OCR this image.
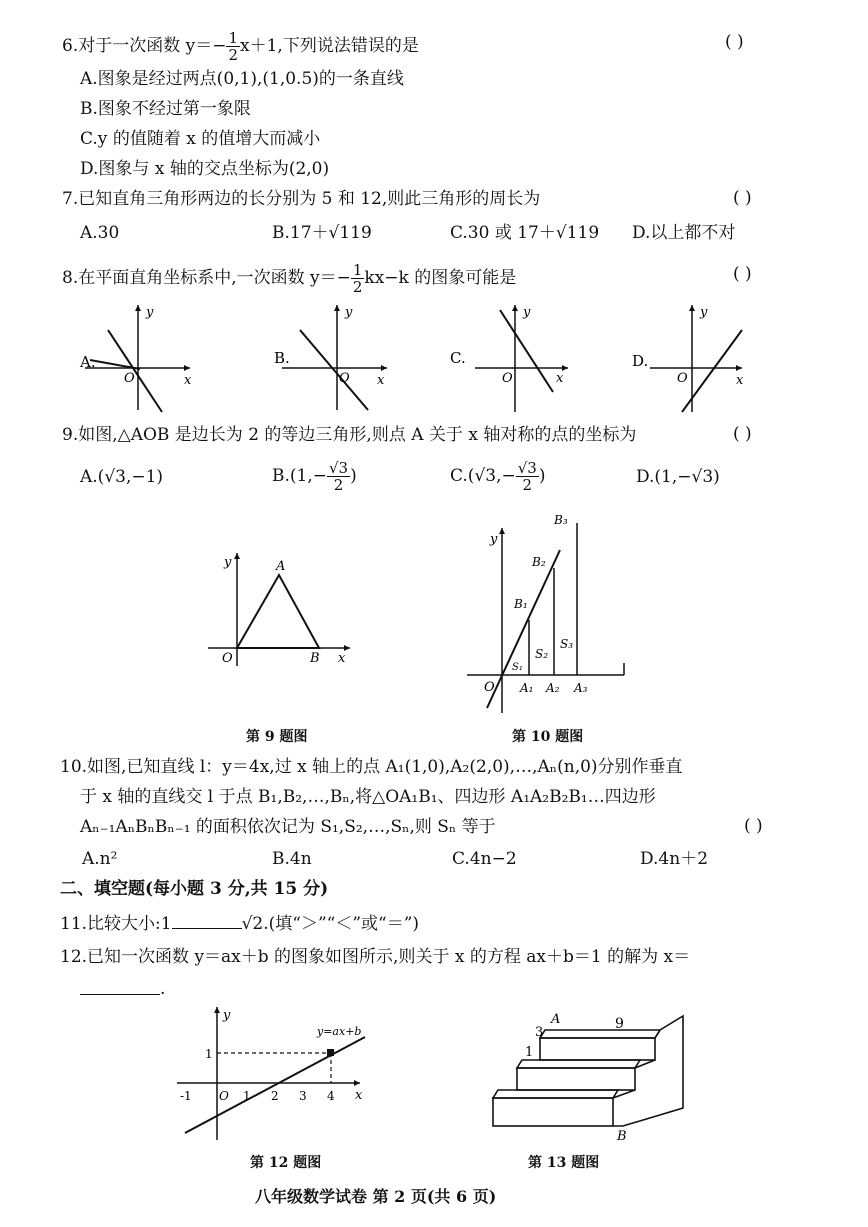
6.对于一次函数 $y=- \frac{1}{2} x+1$,下列说法错误的是	( )
A.图象是经过两点(0,1),(1,0.5)的一条直线
B.图象不经过第一象限
C.y 的值随着 x 的值增大而减小
D.图象与 x 轴的交点坐标为(2,0)
7.已知直角三角形两边的长分别为 5 和 12,则此三角形的周长为	( )
A.30	B.17＋√119	C.30 或 17＋√119 D.以上都不对
8.在平面直角坐标系中,一次函数 $y=- \frac{1}{2} kx-k$ 的图象可能是	( )
A.
y
x
O
B.
y
x
O
C.
y
x
O
D.
y
x
O
9.如图,△AOB 是边长为 2 的等边三角形,则点 A 关于 x 轴对称的点的坐标为	( )
A.(√3,−1)	$B.(1,- \frac{√3}{2}$ )	$C.(√3,- \frac{√3}{2}$ )	D.(1,−√3)
y	A
O	B x
第 9 题图
y
O
B₁
B₂
B₃
S₁
S₂
S₃
A₁ A₂ A₃
第 10 题图
10.如图,已知直线 l：y＝4x,过 x 轴上的点 A₁(1,0),A₂(2,0),…,Aₙ(n,0)分别作垂直
于 x 轴的直线交 l 于点 B₁,B₂,…,Bₙ,将△OA₁B₁、四边形 A₁A₂B₂B₁…四边形
Aₙ₋₁AₙBₙBₙ₋₁ 的面积依次记为 S₁,S₂,…,Sₙ,则 Sₙ 等于	( )
A.n²	B.4n	C.4n−2	D.4n＋2
二、填空题(每小题 3 分,共 15 分)
11.比较大小:1	√2.(填“＞”“＜”或“＝”)
12.已知一次函数 y＝ax＋b 的图象如图所示,则关于 x 的方程 ax＋b＝1 的解为 x＝
.
y
x
y=ax+b
1
-1 O 1 2 3 4
第 12 题图
A	9
3
1
B
第 13 题图
八年级数学试卷 第 2 页(共 6 页)
